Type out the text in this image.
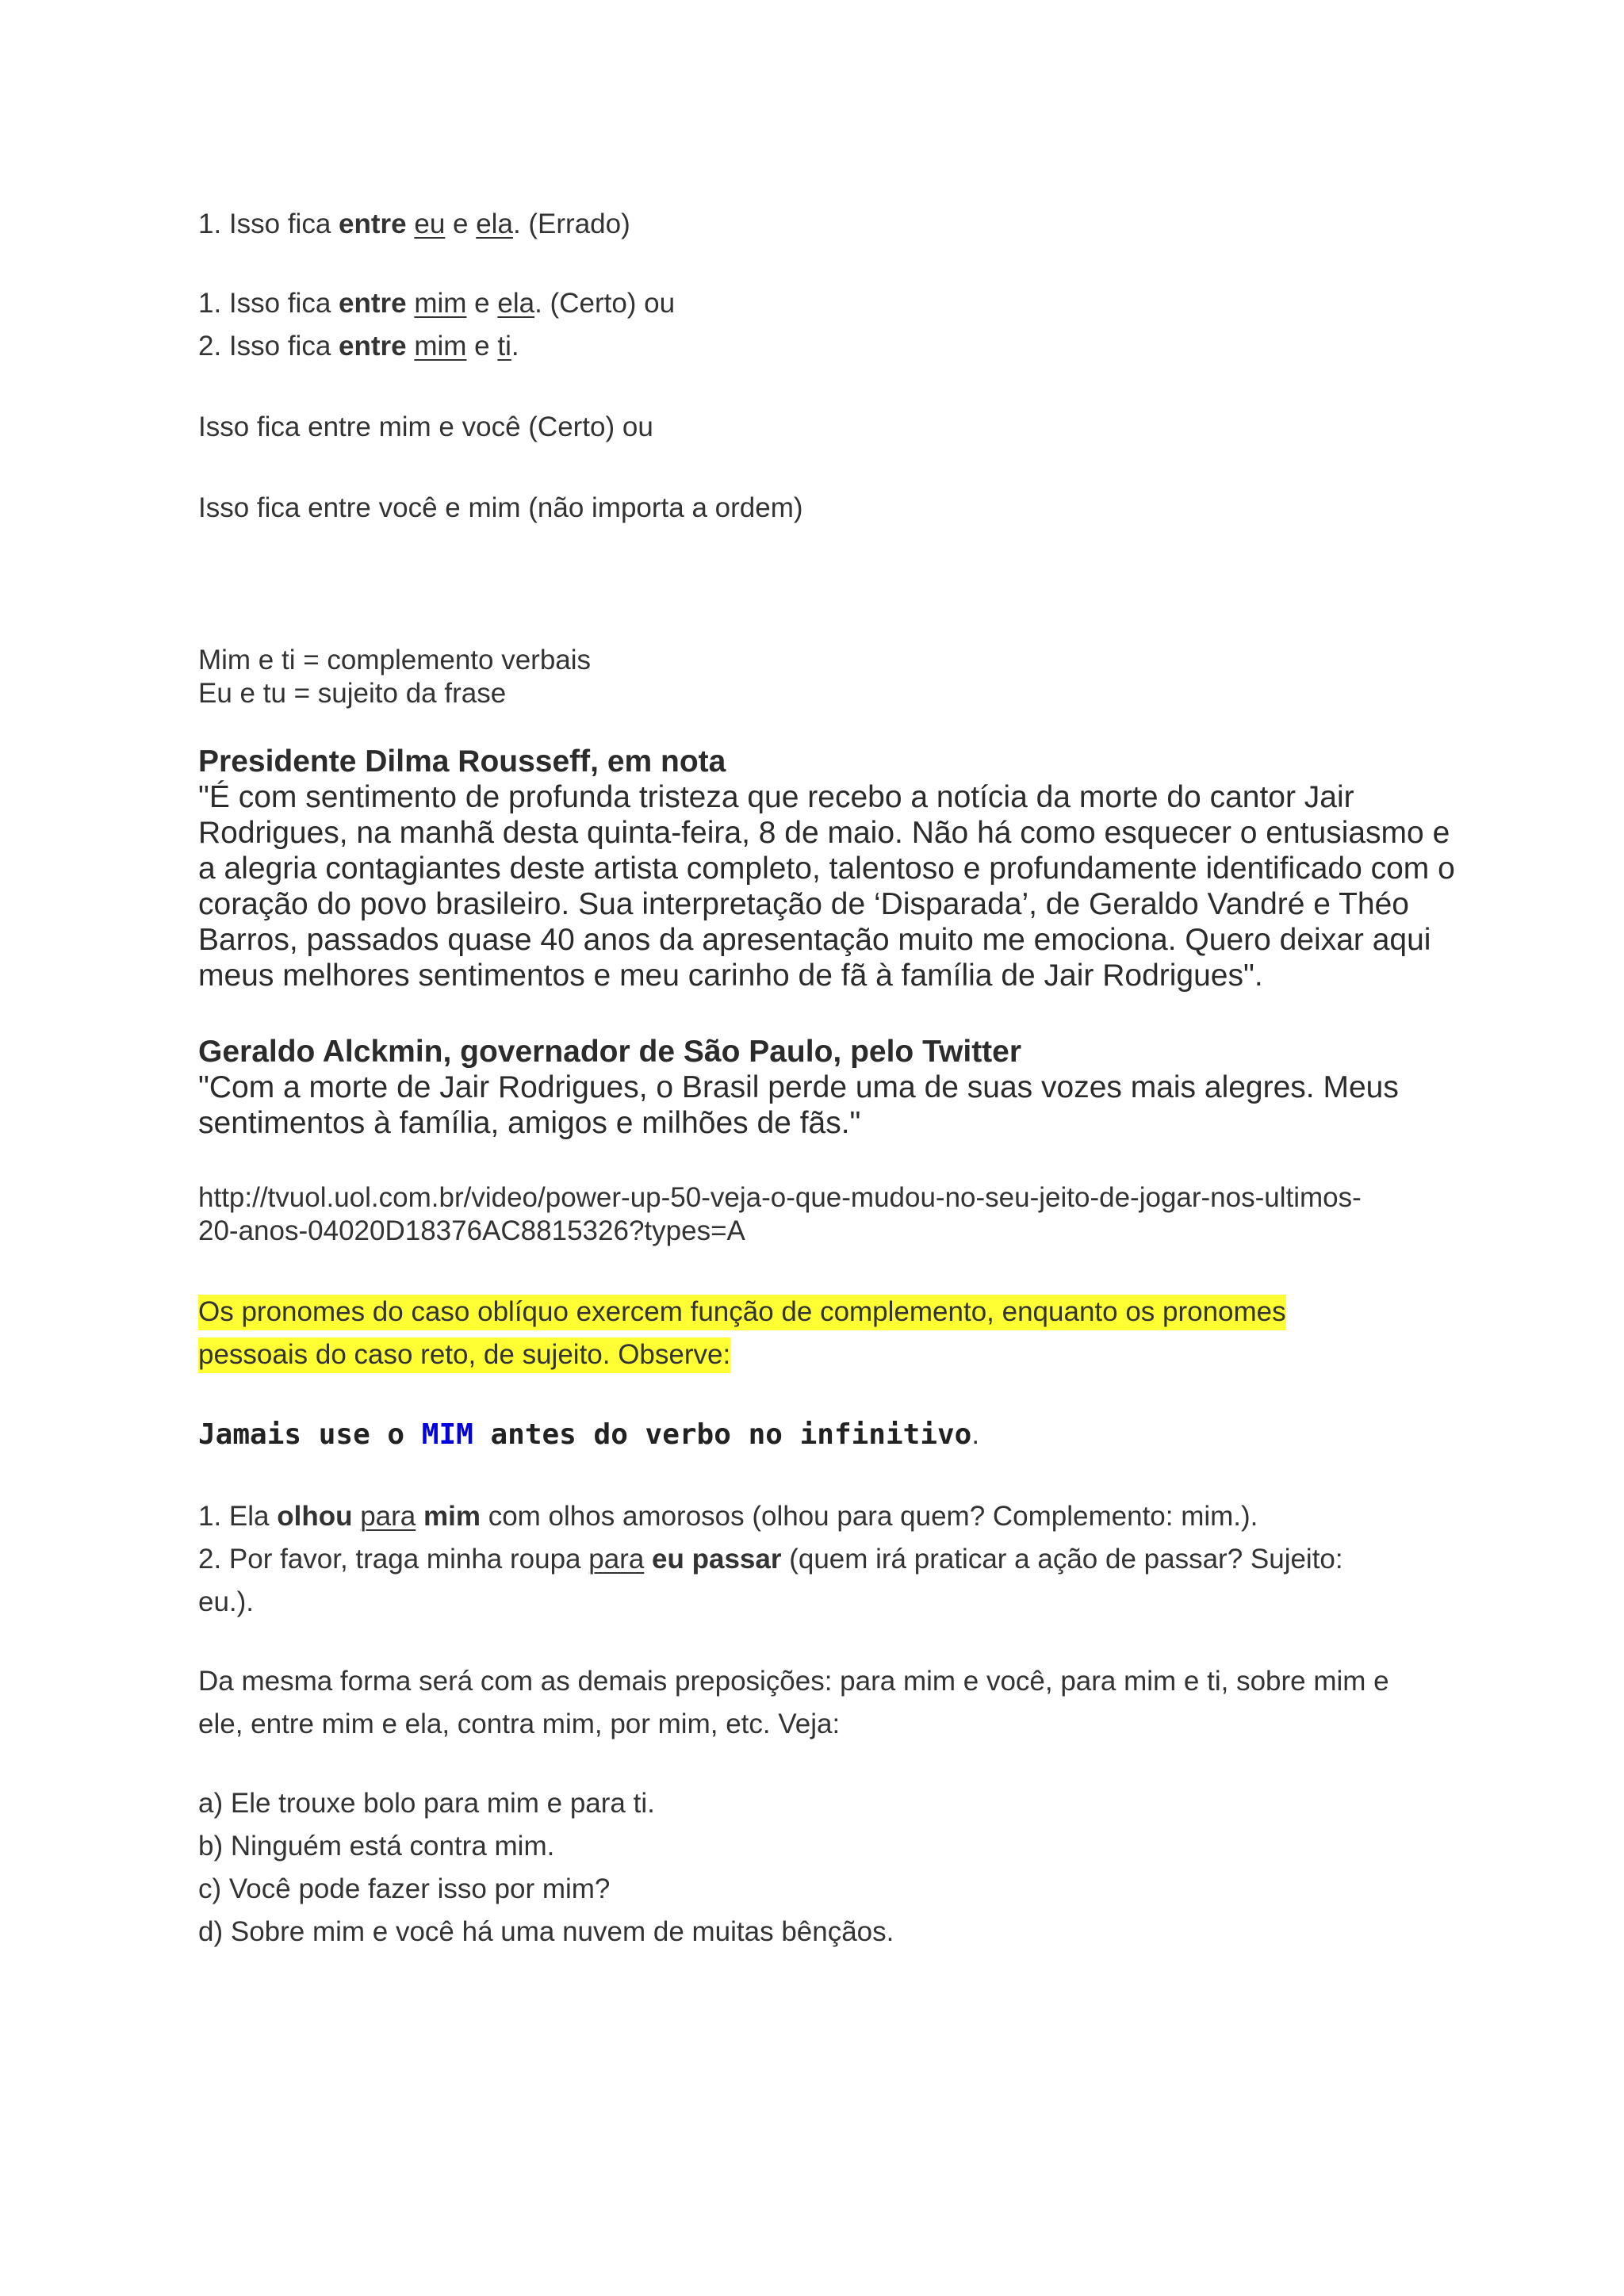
1. Isso fica entre eu e ela. (Errado)
1. Isso fica entre mim e ela. (Certo) ou
2. Isso fica entre mim e ti.
Isso fica entre mim e você (Certo) ou
Isso fica entre você e mim (não importa a ordem)
Mim e ti = complemento verbais
Eu e tu = sujeito da frase
Presidente Dilma Rousseff, em nota
"É com sentimento de profunda tristeza que recebo a notícia da morte do cantor Jair
Rodrigues, na manhã desta quinta-feira, 8 de maio. Não há como esquecer o entusiasmo e
a alegria contagiantes deste artista completo, talentoso e profundamente identificado com o
coração do povo brasileiro. Sua interpretação de ‘Disparada’, de Geraldo Vandré e Théo
Barros, passados quase 40 anos da apresentação muito me emociona. Quero deixar aqui
meus melhores sentimentos e meu carinho de fã à família de Jair Rodrigues".
Geraldo Alckmin, governador de São Paulo, pelo Twitter
"Com a morte de Jair Rodrigues, o Brasil perde uma de suas vozes mais alegres. Meus
sentimentos à família, amigos e milhões de fãs."
http://tvuol.uol.com.br/video/power-up-50-veja-o-que-mudou-no-seu-jeito-de-jogar-nos-ultimos-
20-anos-04020D18376AC8815326?types=A
Os pronomes do caso oblíquo exercem função de complemento, enquanto os pronomes
pessoais do caso reto, de sujeito. Observe:
Jamais use o MIM antes do verbo no infinitivo.
1. Ela olhou para mim com olhos amorosos (olhou para quem? Complemento: mim.).
2. Por favor, traga minha roupa para eu passar (quem irá praticar a ação de passar? Sujeito:
eu.).
Da mesma forma será com as demais preposições: para mim e você, para mim e ti, sobre mim e
ele, entre mim e ela, contra mim, por mim, etc. Veja:
a) Ele trouxe bolo para mim e para ti.
b) Ninguém está contra mim.
c) Você pode fazer isso por mim?
d) Sobre mim e você há uma nuvem de muitas bênçãos.
